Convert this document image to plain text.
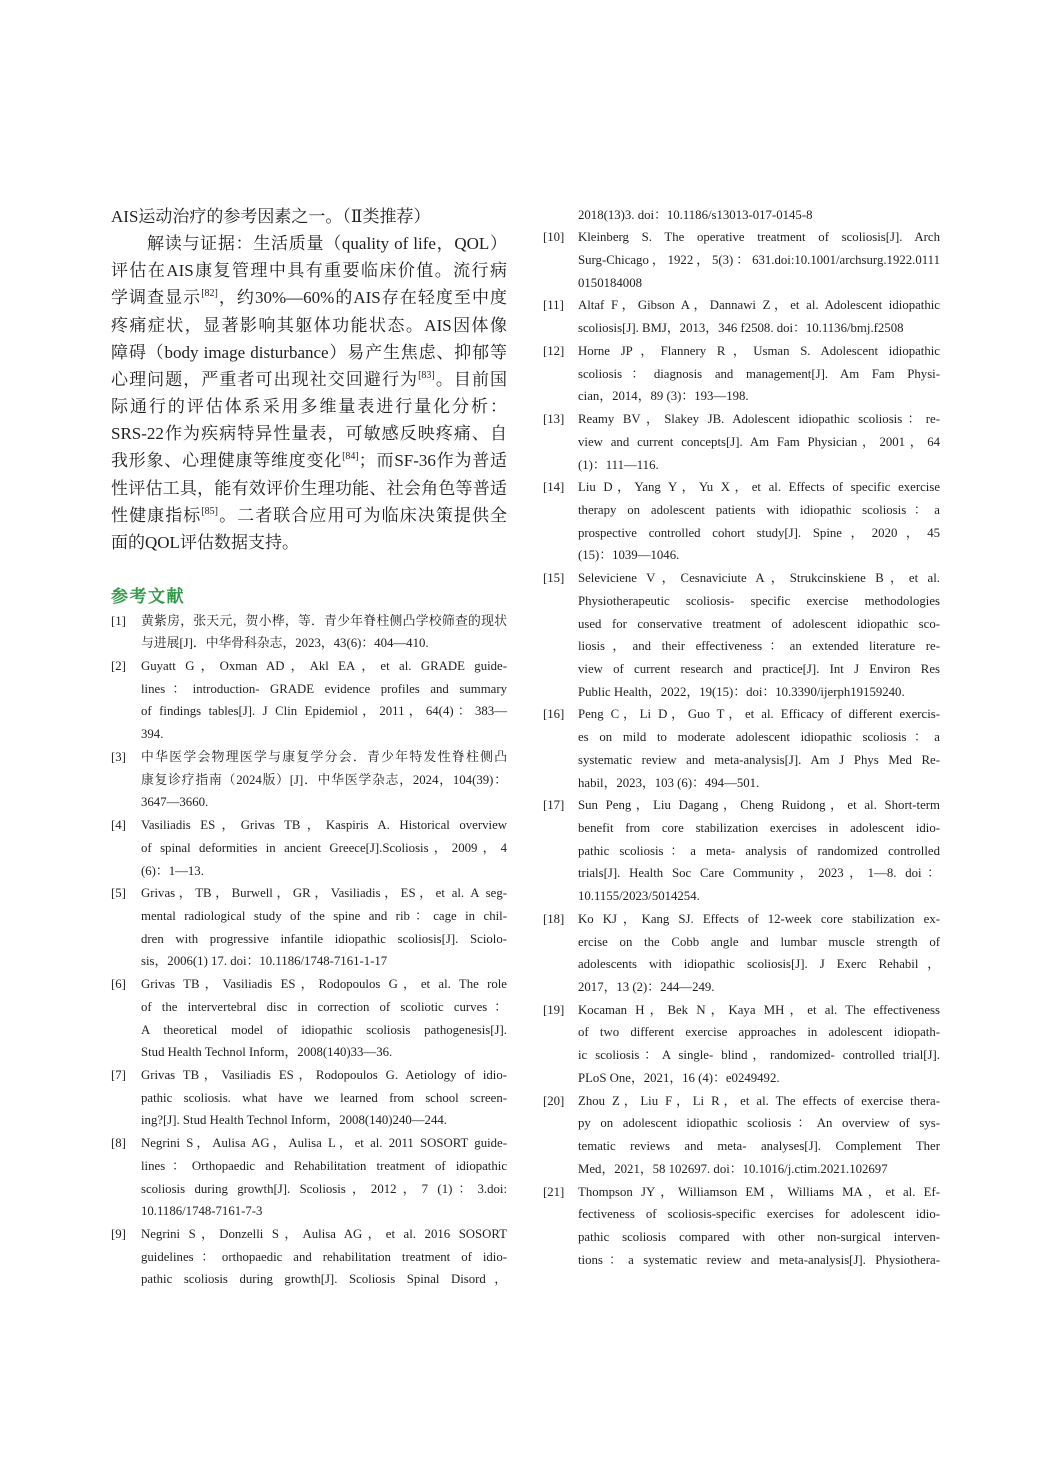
AIS运动治疗的参考因素之一。（Ⅱ类推荐）
解读与证据：生活质量（quality of life，QOL）
评估在AIS康复管理中具有重要临床价值。流行病
学调查显示[82]，约30%—60%的AIS存在轻度至中度
疼痛症状，显著影响其躯体功能状态。AIS因体像
障碍（body image disturbance）易产生焦虑、抑郁等
心理问题，严重者可出现社交回避行为[83]。目前国
际通行的评估体系采用多维量表进行量化分析：
SRS-22作为疾病特异性量表，可敏感反映疼痛、自
我形象、心理健康等维度变化[84]；而SF-36作为普适
性评估工具，能有效评价生理功能、社会角色等普适
性健康指标[85]。二者联合应用可为临床决策提供全
面的QOL评估数据支持。
参考文献
[1] 黄紫房，张天元，贺小桦，等．青少年脊柱侧凸学校筛查的现状
与进展[J]．中华骨科杂志，2023，43(6)：404—410.
[2] Guyatt G，Oxman AD，Akl EA，et al. GRADE guide-
lines：introduction- GRADE evidence profiles and summary
of findings tables[J]. J Clin Epidemiol，2011，64(4)：383—
394.
[3] 中华医学会物理医学与康复学分会．青少年特发性脊柱侧凸
康复诊疗指南（2024版）[J]．中华医学杂志，2024，104(39)：
3647—3660.
[4] Vasiliadis ES，Grivas TB，Kaspiris A. Historical overview
of spinal deformities in ancient Greece[J].Scoliosis，2009，4
(6)：1—13.
[5] Grivas，TB，Burwell，GR，Vasiliadis，ES，et al. A seg-
mental radiological study of the spine and rib：cage in chil-
dren with progressive infantile idiopathic scoliosis[J]. Sciolo-
sis，2006(1) 17. doi：10.1186/1748-7161-1-17
[6] Grivas TB，Vasiliadis ES，Rodopoulos G，et al. The role
of the intervertebral disc in correction of scoliotic curves：
A theoretical model of idiopathic scoliosis pathogenesis[J].
Stud Health Technol Inform，2008(140)33—36.
[7] Grivas TB，Vasiliadis ES，Rodopoulos G. Aetiology of idio-
pathic scoliosis. what have we learned from school screen-
ing?[J]. Stud Health Technol Inform，2008(140)240—244.
[8] Negrini S，Aulisa AG，Aulisa L，et al. 2011 SOSORT guide-
lines：Orthopaedic and Rehabilitation treatment of idiopathic
scoliosis during growth[J]. Scoliosis，2012，7 (1)：3.doi:
10.1186/1748-7161-7-3
[9] Negrini S，Donzelli S，Aulisa AG，et al. 2016 SOSORT
guidelines：orthopaedic and rehabilitation treatment of idio-
pathic scoliosis during growth[J]. Scoliosis Spinal Disord，
2018(13)3. doi：10.1186/s13013-017-0145-8
[10] Kleinberg S. The operative treatment of scoliosis[J]. Arch
Surg-Chicago，1922，5(3)：631.doi:10.1001/archsurg.1922.0111
0150184008
[11] Altaf F，Gibson A，Dannawi Z，et al. Adolescent idiopathic
scoliosis[J]. BMJ，2013，346 f2508. doi：10.1136/bmj.f2508
[12] Horne JP，Flannery R，Usman S. Adolescent idiopathic
scoliosis：diagnosis and management[J]. Am Fam Physi-
cian，2014，89 (3)：193—198.
[13] Reamy BV，Slakey JB. Adolescent idiopathic scoliosis：re-
view and current concepts[J]. Am Fam Physician，2001，64
(1)：111—116.
[14] Liu D，Yang Y，Yu X，et al. Effects of specific exercise
therapy on adolescent patients with idiopathic scoliosis：a
prospective controlled cohort study[J]. Spine，2020，45
(15)：1039—1046.
[15] Seleviciene V，Cesnaviciute A，Strukcinskiene B，et al.
Physiotherapeutic scoliosis- specific exercise methodologies
used for conservative treatment of adolescent idiopathic sco-
liosis，and their effectiveness：an extended literature re-
view of current research and practice[J]. Int J Environ Res
Public Health，2022，19(15)：doi：10.3390/ijerph19159240.
[16] Peng C，Li D，Guo T，et al. Efficacy of different exercis-
es on mild to moderate adolescent idiopathic scoliosis：a
systematic review and meta-analysis[J]. Am J Phys Med Re-
habil，2023，103 (6)：494—501.
[17] Sun Peng，Liu Dagang，Cheng Ruidong，et al. Short-term
benefit from core stabilization exercises in adolescent idio-
pathic scoliosis：a meta- analysis of randomized controlled
trials[J]. Health Soc Care Community，2023，1—8. doi：
10.1155/2023/5014254.
[18] Ko KJ，Kang SJ. Effects of 12-week core stabilization ex-
ercise on the Cobb angle and lumbar muscle strength of
adolescents with idiopathic scoliosis[J]. J Exerc Rehabil，
2017，13 (2)：244—249.
[19] Kocaman H，Bek N，Kaya MH，et al. The effectiveness
of two different exercise approaches in adolescent idiopath-
ic scoliosis：A single- blind，randomized- controlled trial[J].
PLoS One，2021，16 (4)：e0249492.
[20] Zhou Z，Liu F，Li R，et al. The effects of exercise thera-
py on adolescent idiopathic scoliosis：An overview of sys-
tematic reviews and meta- analyses[J]. Complement Ther
Med，2021，58 102697. doi：10.1016/j.ctim.2021.102697
[21] Thompson JY，Williamson EM，Williams MA，et al. Ef-
fectiveness of scoliosis-specific exercises for adolescent idio-
pathic scoliosis compared with other non-surgical interven-
tions：a systematic review and meta-analysis[J]. Physiothera-
